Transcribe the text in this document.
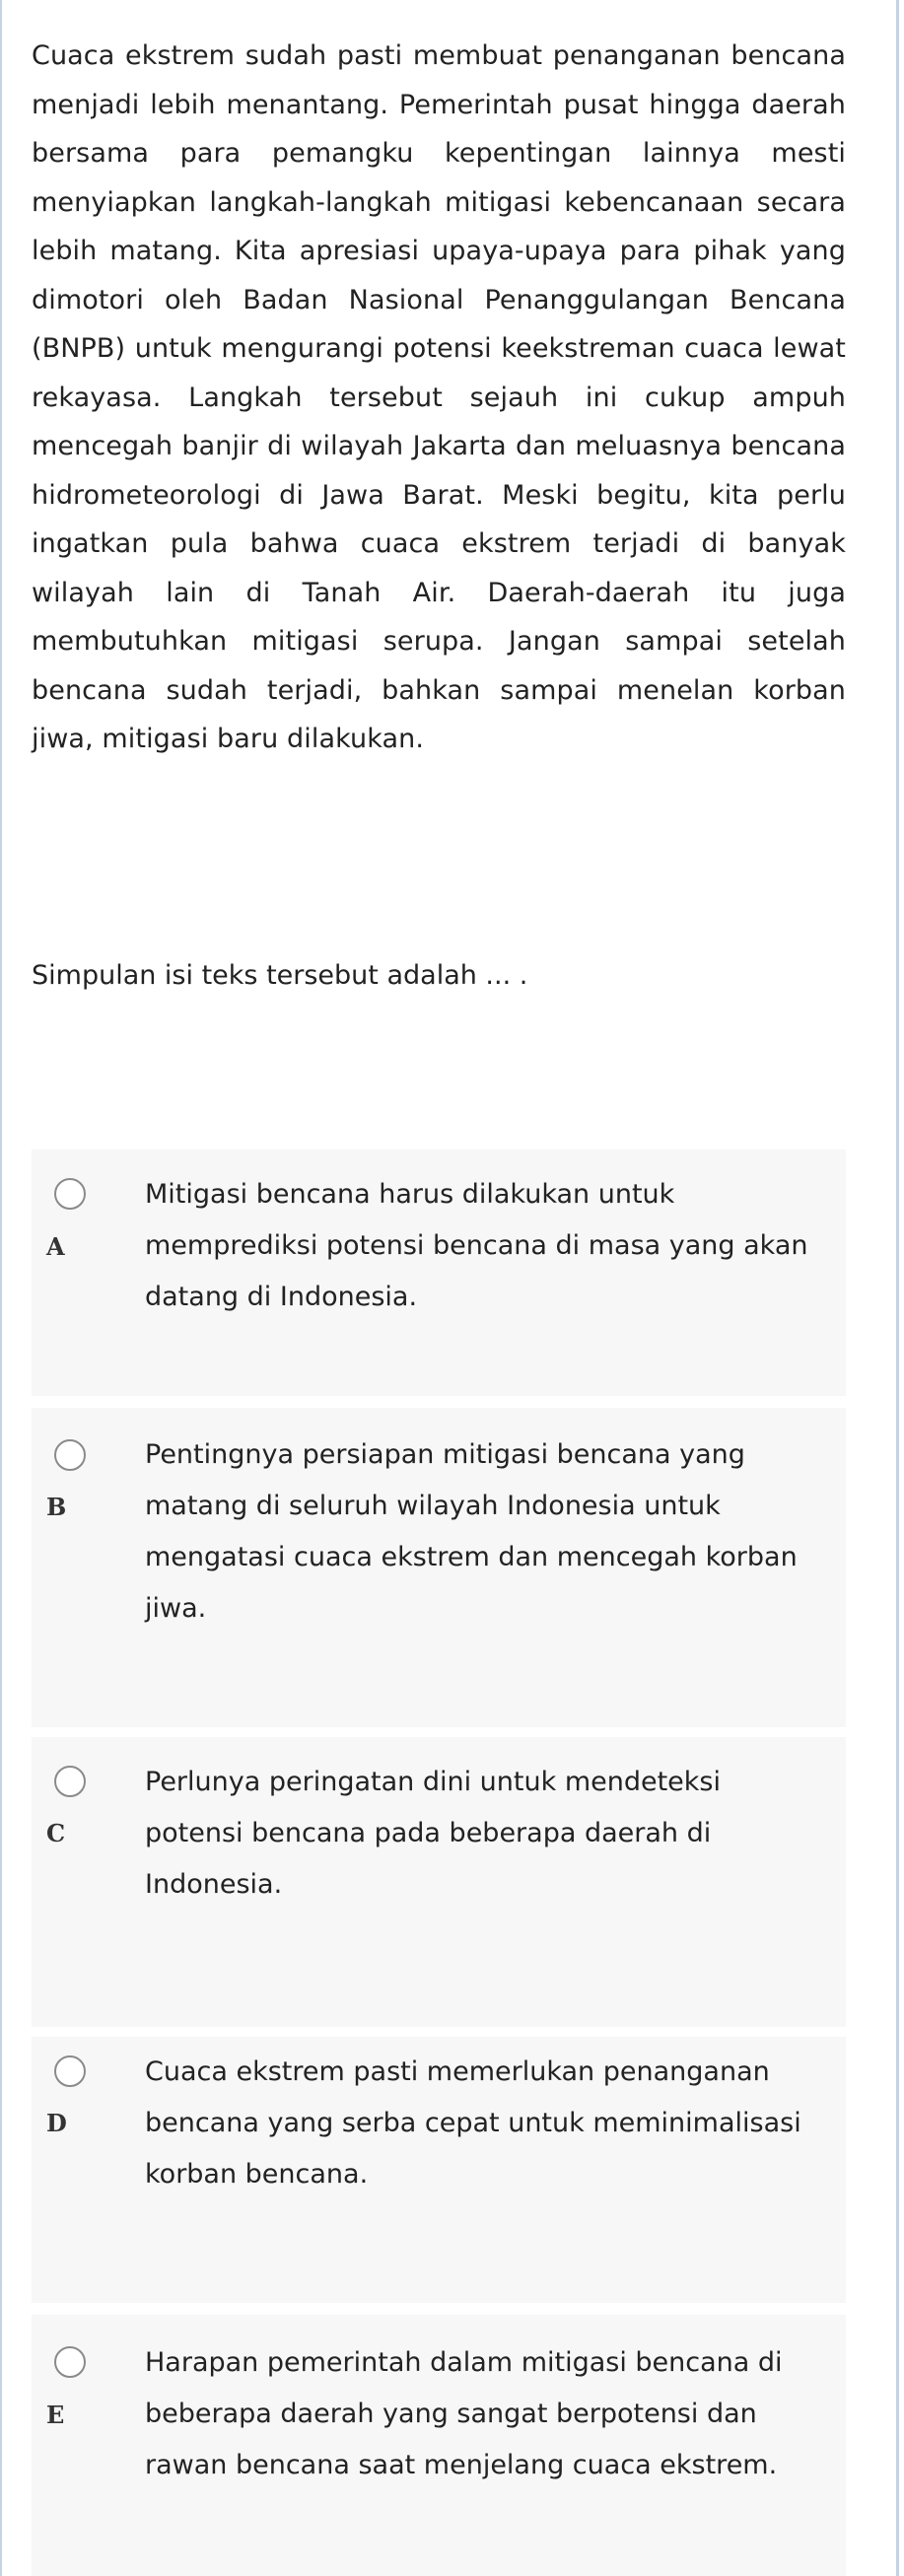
Cuaca ekstrem sudah pasti membuat penanganan bencana menjadi lebih menantang. Pemerintah pusat hingga daerah bersama para pemangku kepentingan lainnya mesti menyiapkan langkah-langkah mitigasi kebencanaan secara lebih matang. Kita apresiasi upaya-upaya para pihak yang dimotori oleh Badan Nasional Penanggulangan Bencana (BNPB) untuk mengurangi potensi keekstreman cuaca lewat rekayasa. Langkah tersebut sejauh ini cukup ampuh mencegah banjir di wilayah Jakarta dan meluasnya bencana hidrometeorologi di Jawa Barat. Meski begitu, kita perlu ingatkan pula bahwa cuaca ekstrem terjadi di banyak wilayah lain di Tanah Air. Daerah-daerah itu juga membutuhkan mitigasi serupa. Jangan sampai setelah bencana sudah terjadi, bahkan sampai menelan korban jiwa, mitigasi baru dilakukan.
Simpulan isi teks tersebut adalah ... .
A
Mitigasi bencana harus dilakukan untuk memprediksi potensi bencana di masa yang akan datang di Indonesia.
B
Pentingnya persiapan mitigasi bencana yang matang di seluruh wilayah Indonesia untuk mengatasi cuaca ekstrem dan mencegah korban jiwa.
C
Perlunya peringatan dini untuk mendeteksi potensi bencana pada beberapa daerah di Indonesia.
D
Cuaca ekstrem pasti memerlukan penanganan bencana yang serba cepat untuk meminimalisasi korban bencana.
E
Harapan pemerintah dalam mitigasi bencana di beberapa daerah yang sangat berpotensi dan rawan bencana saat menjelang cuaca ekstrem.
